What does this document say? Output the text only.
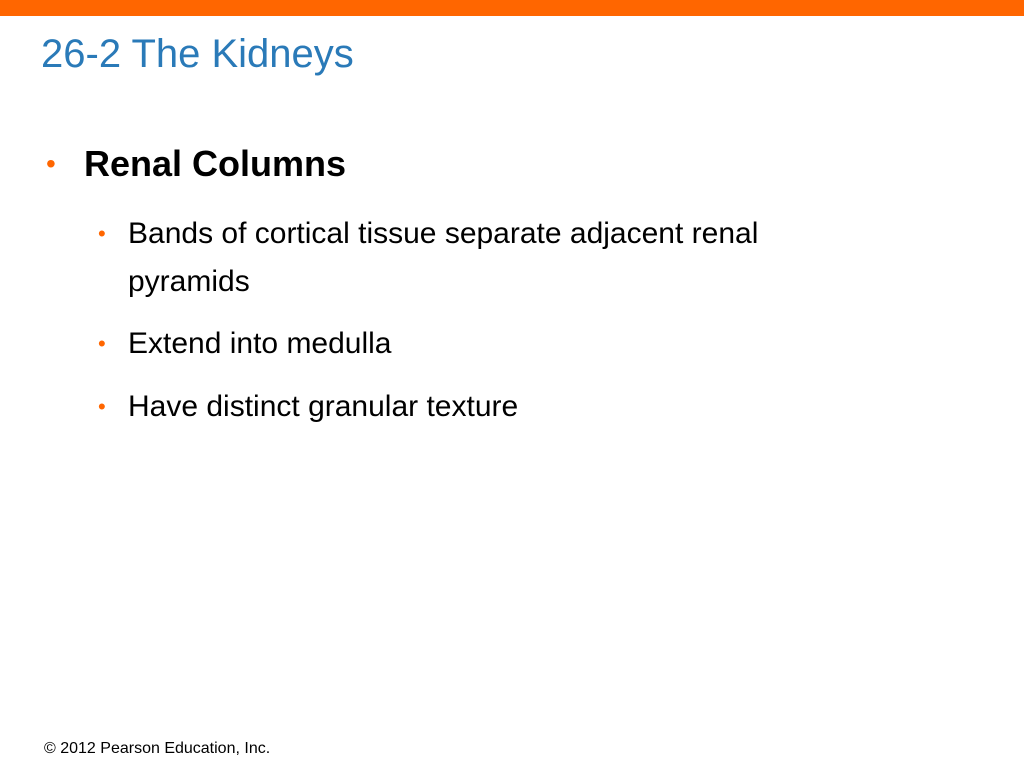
26-2 The Kidneys
• Renal Columns
• Bands of cortical tissue separate adjacent renal pyramids
• Extend into medulla
• Have distinct granular texture
© 2012 Pearson Education, Inc.
